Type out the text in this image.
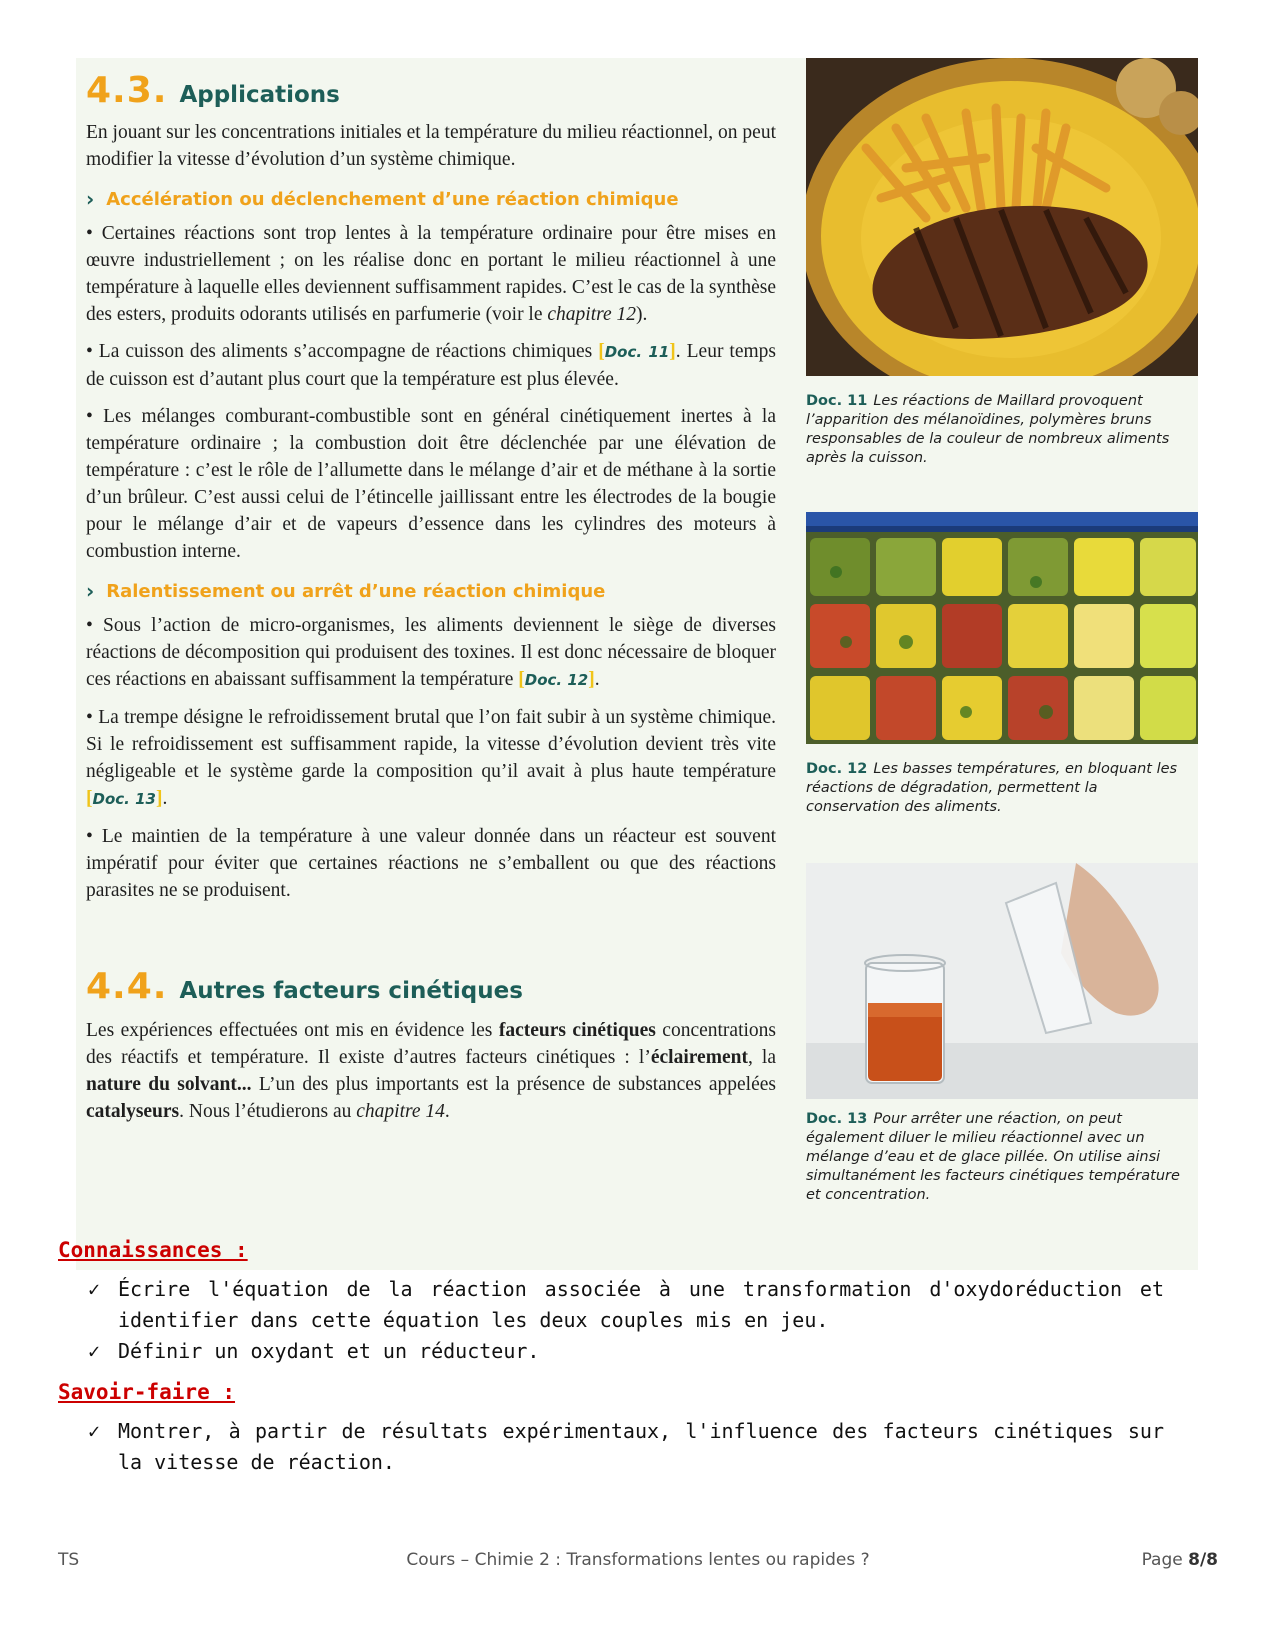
4.3. Applications

En jouant sur les concentrations initiales et la température du milieu réactionnel, on peut modifier la vitesse d’évolution d’un système chimique.

› Accélération ou déclenchement d’une réaction chimique

• Certaines réactions sont trop lentes à la température ordinaire pour être mises en œuvre industriellement ; on les réalise donc en portant le milieu réactionnel à une température à laquelle elles deviennent suffisamment rapides. C’est le cas de la synthèse des esters, produits odorants utilisés en parfumerie (voir le chapitre 12).

• La cuisson des aliments s’accompagne de réactions chimiques [Doc. 11]. Leur temps de cuisson est d’autant plus court que la température est plus élevée.

• Les mélanges comburant-combustible sont en général cinétiquement inertes à la température ordinaire ; la combustion doit être déclenchée par une élévation de température : c’est le rôle de l’allumette dans le mélange d’air et de méthane à la sortie d’un brûleur. C’est aussi celui de l’étincelle jaillissant entre les électrodes de la bougie pour le mélange d’air et de vapeurs d’essence dans les cylindres des moteurs à combustion interne.

› Ralentissement ou arrêt d’une réaction chimique

• Sous l’action de micro-organismes, les aliments deviennent le siège de diverses réactions de décomposition qui produisent des toxines. Il est donc nécessaire de bloquer ces réactions en abaissant suffisamment la température [Doc. 12].

• La trempe désigne le refroidissement brutal que l’on fait subir à un système chimique. Si le refroidissement est suffisamment rapide, la vitesse d’évolution devient très vite négligeable et le système garde la composition qu’il avait à plus haute température [Doc. 13].

• Le maintien de la température à une valeur donnée dans un réacteur est souvent impératif pour éviter que certaines réactions ne s’emballent ou que des réactions parasites ne se produisent.

4.4. Autres facteurs cinétiques

Les expériences effectuées ont mis en évidence les facteurs cinétiques concentrations des réactifs et température. Il existe d’autres facteurs cinétiques : l’éclairement, la nature du solvant... L’un des plus importants est la présence de substances appelées catalyseurs. Nous l’étudierons au chapitre 14.

Doc. 11 Les réactions de Maillard provoquent l’apparition des mélanoïdines, polymères bruns responsables de la couleur de nombreux aliments après la cuisson.
Doc. 12 Les basses températures, en bloquant les réactions de dégradation, permettent la conservation des aliments.
Doc. 13 Pour arrêter une réaction, on peut également diluer le milieu réactionnel avec un mélange d’eau et de glace pillée. On utilise ainsi simultanément les facteurs cinétiques température et concentration.
Connaissances :
✓ Écrire l'équation de la réaction associée à une transformation d'oxydoréduction et identifier dans cette équation les deux couples mis en jeu.
✓ Définir un oxydant et un réducteur.
Savoir-faire :
✓ Montrer, à partir de résultats expérimentaux, l'influence des facteurs cinétiques sur la vitesse de réaction.
TS	Cours – Chimie 2 : Transformations lentes ou rapides ?	Page 8/8
